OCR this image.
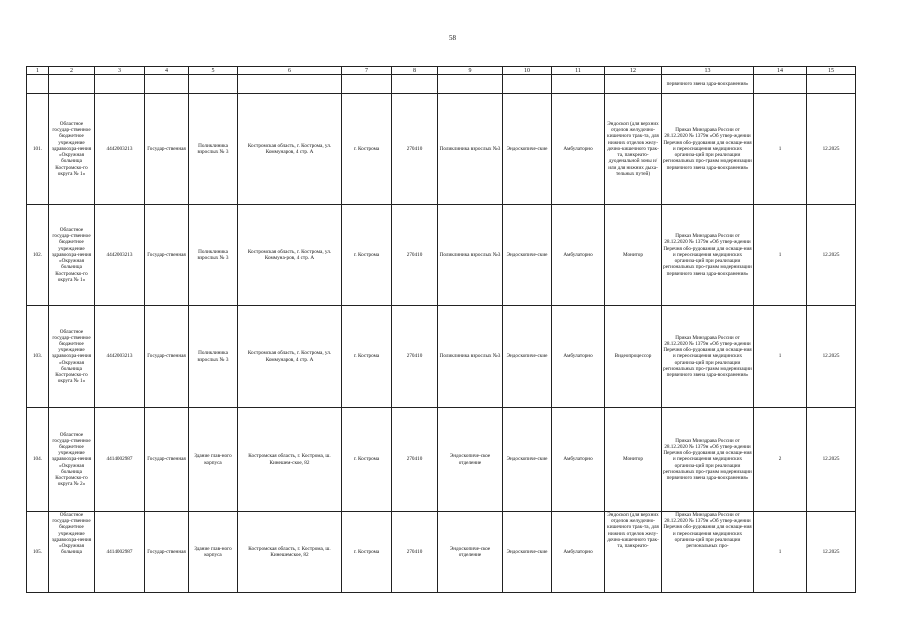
58
1	2	3	4	5	6	7	8	9	10	11	12	13	14	15
												первичного звена здра-воохранения»		
101.	Областное государ-ственное бюджетное учреждение здравоохра-нения «Окружная больница Костромско-го округа № 1»	4442003213	Государ-ственная	Поликлиника взрослых № 3	Костромская область, г. Кострома, ул. Коммунаров, 4 стр. А	г. Кострома	270410	Поликлиника взрослых №3	Эндоскопиче-ские	Амбулаторно	Эндоскоп (для верхних отделов желудочно-кишечного трак-та, для нижних отделов желу-дочно-кишечного трак-та, панкреато-дуоденальной зоны и/или для нижних дыха-тельных путей)	Приказ Минздрава России от 28.12.2020 № 1379н «Об утвер-ждении Перечня обо-рудования для оснаще-ния и переоснащения медицинских организа-ций при реализации региональных про-грамм модернизации первичного звена здра-воохранения»	1	12.2025
102.	Областное государ-ственное бюджетное учреждение здравоохра-нения «Окружная больница Костромско-го округа № 1»	4442003213	Государ-ственная	Поликлиника взрослых № 3	Костромская область, г. Кострома, ул. Коммуна-ров, 4 стр. А	г. Кострома	270410	Поликлиника взрослых №3	Эндоскопиче-ские	Амбулаторно	Монитор	Приказ Минздрава России от 28.12.2020 № 1379н «Об утвер-ждении Перечня обо-рудования для оснаще-ния и переоснащения медицинских организа-ций при реализации региональных про-грамм модернизации первичного звена здра-воохранения»	1	12.2025
103.	Областное государ-ственное бюджетное учреждение здравоохра-нения «Окружная больница Костромско-го округа № 1»	4442003213	Государ-ственная	Поликлиника взрослых № 3	Костромская область, г. Кострома, ул. Коммунаров, 4 стр. А	г. Кострома	270410	Поликлиника взрослых №3	Эндоскопиче-ские	Амбулаторно	Видеопроцессор	Приказ Минздрава России от 28.12.2020 № 1379н «Об утвер-ждении Перечня обо-рудования для оснаще-ния и переоснащения медицинских организа-ций при реализации региональных про-грамм модернизации первичного звена здра-воохранения»	1	12.2025
104.	Областное государ-ственное бюджетное учреждение здравоохра-нения «Окружная больница Костромско-го округа № 2»	4414002987	Государ-ственная	Здание глав-ного корпуса	Костромская область, г. Кострома, ш. Кинешем-ское, 82	г. Кострома	270410	Эндоскопиче-ское отделение	Эндоскопиче-ские	Амбулаторно	Монитор	Приказ Минздрава России от 28.12.2020 № 1379н «Об утвер-ждении Перечня обо-рудования для оснаще-ния и переоснащения медицинских организа-ций при реализации региональных про-грамм модернизации первичного звена здра-воохранения»	2	12.2025
105.	Областное государ-ственное бюджетное учреждение здравоохра-нения «Окружная больница	4414002987	Государ-ственная	Здание глав-ного корпуса	Костромская область, г. Кострома, ш. Кинешемское, 82	г. Кострома	270410	Эндоскопиче-ское отделение	Эндоскопиче-ские	Амбулаторно	Эндоскоп (для верхних отделов желудочно-кишечного трак-та, для нижних отделов желу-дочно-кишечного трак-та, панкреато-	Приказ Минздрава России от 28.12.2020 № 1379н «Об утвер-ждении Перечня обо-рудования для оснаще-ния и переоснащения медицинских организа-ций при реализации региональных про-	1	12.2025
